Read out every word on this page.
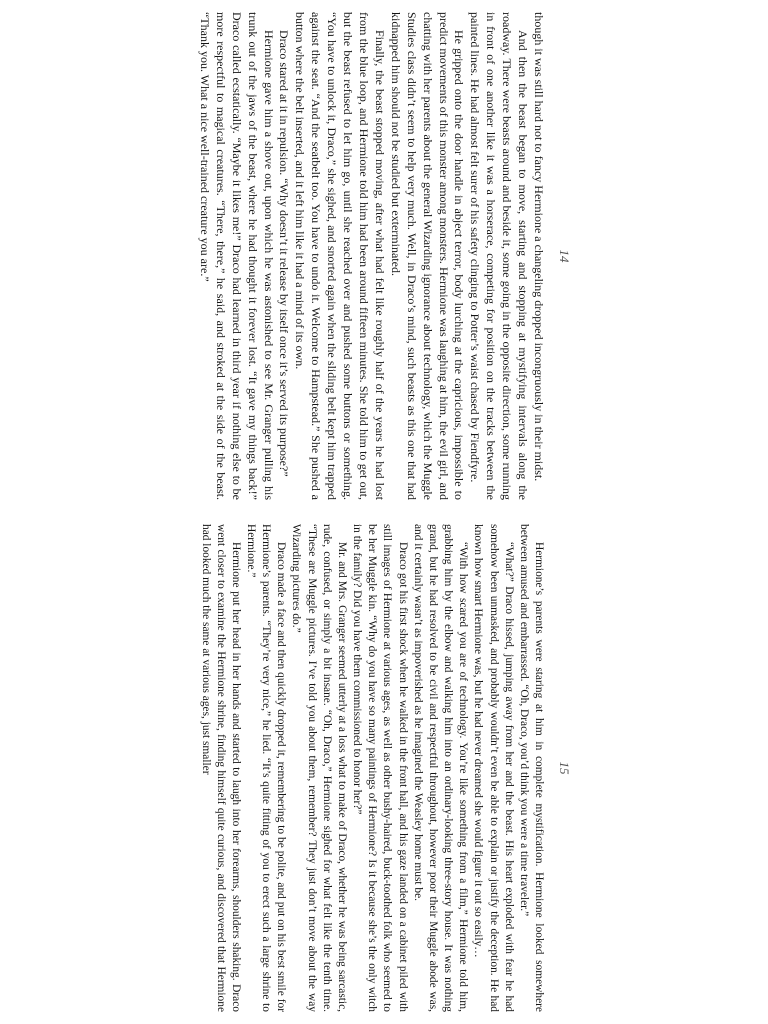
14

though it was still hard not to fancy Hermione a changeling dropped incongruously in their midst.

And then the beast began to move, starting and stopping at mystifying intervals along the roadway. There were beasts around and beside it, some going in the opposite direction, some running in front of one another like it was a horserace, competing for position on the tracks between the painted lines. He had almost felt surer of his safety clinging to Potter’s waist chased by Fiendfyre.

He gripped onto the door handle in abject terror, body lurching at the capricious, impossible to predict movements of this monster among monsters. Hermione was laughing at him, the evil girl, and chatting with her parents about the general Wizarding ignorance about technology, which the Muggle Studies class didn’t seem to help very much. Well, in Draco’s mind, such beasts as this one that had kidnapped him should not be studied but exterminated.

Finally, the beast stopped moving, after what had felt like roughly half of the years he had lost from the blue loop, and Hermione told him had been around fifteen minutes. She told him to get out, but the beast refused to let him go, until she reached over and pushed some buttons or something. “You have to unlock it, Draco,” she sighed, and snorted again when the sliding belt kept him trapped against the seat. “And the seatbelt too. You have to undo it. Welcome to Hampstead.” She pushed a button where the belt inserted, and it left him like it had a mind of its own.

Draco stared at it in repulsion. “Why doesn’t it release by itself once it’s served its purpose?”

Hermione gave him a shove out, upon which he was astonished to see Mr. Granger pulling his trunk out of the jaws of the beast, where he had thought it forever lost. “It gave my things back!” Draco called ecstatically. “Maybe it likes me!” Draco had learned in third year if nothing else to be more respectful to magical creatures. “There, there,” he said, and stroked at the side of the beast. “Thank you. What a nice well-trained creature you are.”

15

Hermione’s parents were staring at him in complete mystification. Hermione looked somewhere between amused and embarrassed. “Oh, Draco, you’d think you were a time traveler.”

“What?” Draco hissed, jumping away from her and the beast. His heart exploded with fear he had somehow been unmasked, and probably wouldn’t even be able to explain or justify the deception. He had known how smart Hermione was, but he had never dreamed she would figure it out so easily…

“With how scared you are of technology. You’re like something from a film,” Hermione told him, grabbing him by the elbow and walking him into an ordinary-looking three-story house. It was nothing grand, but he had resolved to be civil and respectful throughout, however poor their Muggle abode was, and it certainly wasn’t as impoverished as he imagined the Weasley home must be.

Draco got his first shock when he walked in the front hall, and his gaze landed on a cabinet piled with still images of Hermione at various ages, as well as other bushy-haired, buck-toothed folk who seemed to be her Muggle kin. “Why do you have so many paintings of Hermione? Is it because she’s the only witch in the family? Did you have them commissioned to honor her?”

Mr. and Mrs. Granger seemed utterly at a loss what to make of Draco, whether he was being sarcastic, rude, confused, or simply a bit insane. “Oh, Draco,” Hermione sighed for what felt like the tenth time. “These are Muggle pictures. I’ve told you about them, remember? They just don’t move about the way Wizarding pictures do.”

Draco made a face and then quickly dropped it, remembering to be polite, and put on his best smile for Hermione’s parents. “They’re very nice,” he lied. “It’s quite fitting of you to erect such a large shrine to Hermione.”

Hermione put her head in her hands and started to laugh into her forearms, shoulders shaking. Draco went closer to examine the Hermione shrine, finding himself quite curious, and discovered that Hermione had looked much the same at various ages, just smaller
